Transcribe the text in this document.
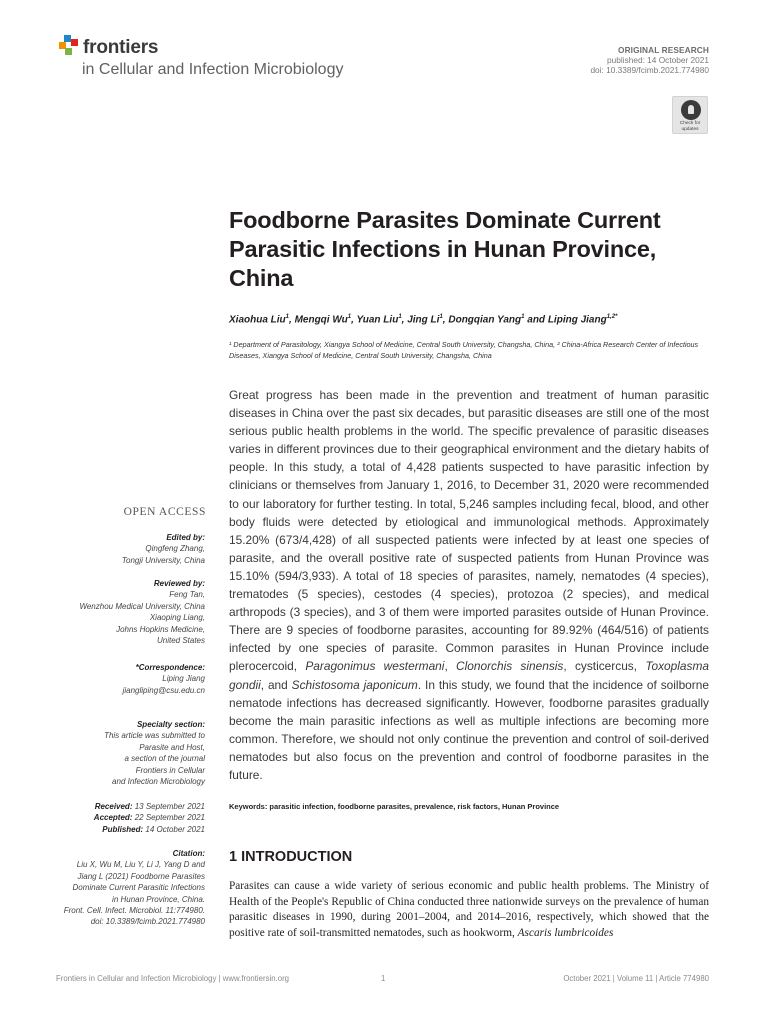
frontiers
in Cellular and Infection Microbiology
ORIGINAL RESEARCH
published: 14 October 2021
doi: 10.3389/fcimb.2021.774980
Check for
updates
Foodborne Parasites Dominate Current Parasitic Infections in Hunan Province, China
Xiaohua Liu$^1$, Mengqi Wu$^1$, Yuan Liu$^1$, Jing Li$^1$, Dongqian Yang$^1$ and Liping Jiang$^{1,2*}$
¹ Department of Parasitology, Xiangya School of Medicine, Central South University, Changsha, China, ² China-Africa Research Center of Infectious Diseases, Xiangya School of Medicine, Central South University, Changsha, China
Great progress has been made in the prevention and treatment of human parasitic diseases in China over the past six decades, but parasitic diseases are still one of the most serious public health problems in the world. The specific prevalence of parasitic diseases varies in different provinces due to their geographical environment and the dietary habits of people. In this study, a total of 4,428 patients suspected to have parasitic infection by clinicians or themselves from January 1, 2016, to December 31, 2020 were recommended to our laboratory for further testing. In total, 5,246 samples including fecal, blood, and other body fluids were detected by etiological and immunological methods. Approximately 15.20% (673/4,428) of all suspected patients were infected by at least one species of parasite, and the overall positive rate of suspected patients from Hunan Province was 15.10% (594/3,933). A total of 18 species of parasites, namely, nematodes (4 species), trematodes (5 species), cestodes (4 species), protozoa (2 species), and medical arthropods (3 species), and 3 of them were imported parasites outside of Hunan Province. There are 9 species of foodborne parasites, accounting for 89.92% (464/516) of patients infected by one species of parasite. Common parasites in Hunan Province include plerocercoid, Paragonimus westermani, Clonorchis sinensis, cysticercus, Toxoplasma gondii, and Schistosoma japonicum. In this study, we found that the incidence of soilborne nematode infections has decreased significantly. However, foodborne parasites gradually become the main parasitic infections as well as multiple infections are becoming more common. Therefore, we should not only continue the prevention and control of soil-derived nematodes but also focus on the prevention and control of foodborne parasites in the future.
Keywords: parasitic infection, foodborne parasites, prevalence, risk factors, Hunan Province
OPEN ACCESS
Edited by:
Qingfeng Zhang,
Tongji University, China
Reviewed by:
Feng Tan,
Wenzhou Medical University, China
Xiaoping Liang,
Johns Hopkins Medicine,
United States
*Correspondence:
Liping Jiang
jiangliping@csu.edu.cn
Specialty section:
This article was submitted to
Parasite and Host,
a section of the journal
Frontiers in Cellular
and Infection Microbiology
Received: 13 September 2021
Accepted: 22 September 2021
Published: 14 October 2021
Citation:
Liu X, Wu M, Liu Y, Li J, Yang D and
Jiang L (2021) Foodborne Parasites
Dominate Current Parasitic Infections
in Hunan Province, China.
Front. Cell. Infect. Microbiol. 11:774980.
doi: 10.3389/fcimb.2021.774980
1 INTRODUCTION
Parasites can cause a wide variety of serious economic and public health problems. The Ministry of Health of the People's Republic of China conducted three nationwide surveys on the prevalence of human parasitic diseases in 1990, during 2001–2004, and 2014–2016, respectively, which showed that the positive rate of soil-transmitted nematodes, such as hookworm, Ascaris lumbricoides
Frontiers in Cellular and Infection Microbiology | www.frontiersin.org	1	October 2021 | Volume 11 | Article 774980
